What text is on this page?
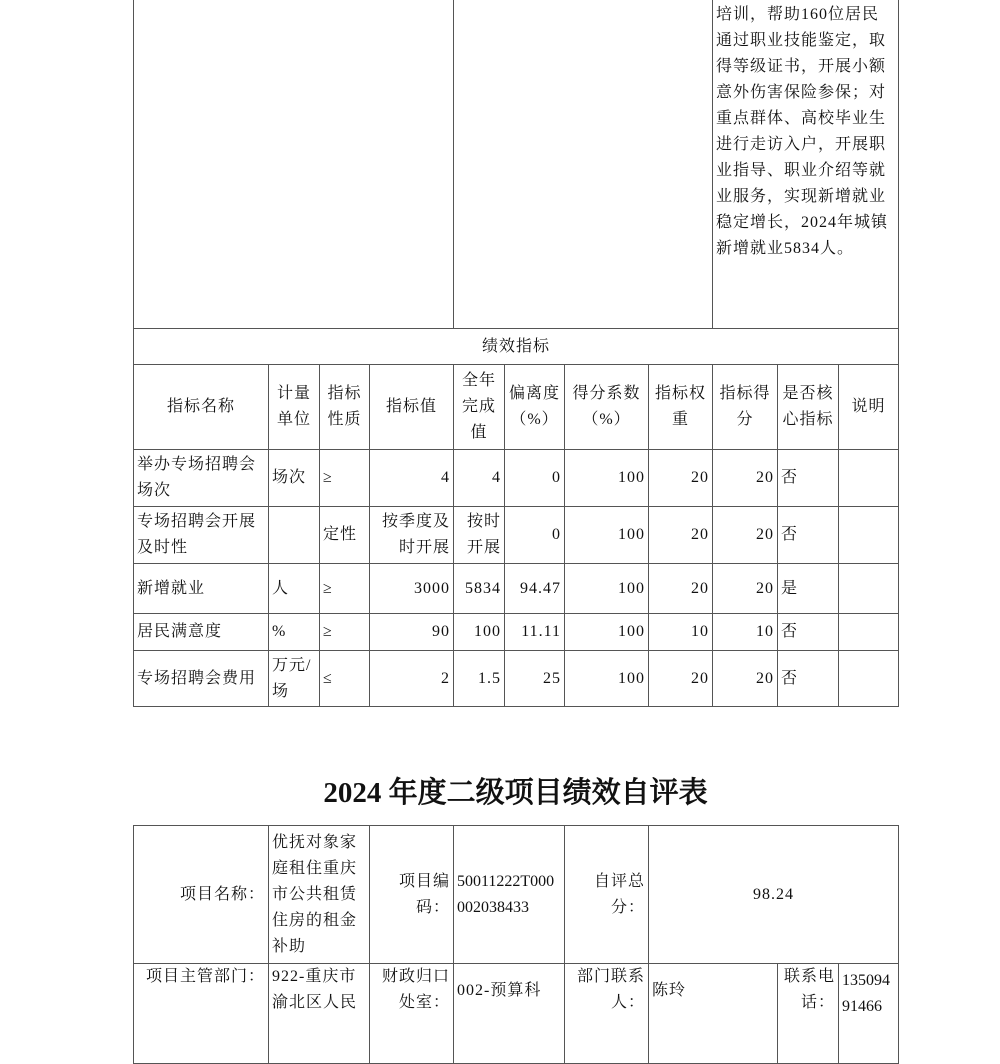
								培训，帮助160位居民通过职业技能鉴定，取得等级证书，开展小额意外伤害保险参保；对重点群体、高校毕业生进行走访入户，开展职业指导、职业介绍等就业服务，实现新增就业稳定增长，2024年城镇新增就业5834人。		
绩效指标										
指标名称	计量单位	指标性质	指标值	全年完成值	偏离度（%）	得分系数（%）	指标权重	指标得分	是否核心指标	说明
举办专场招聘会场次	场次	≥	4	4	0	100	20	20	否	
专场招聘会开展及时性		定性	按季度及时开展	按时开展	0	100	20	20	否	
新增就业	人	≥	3000	5834	94.47	100	20	20	是	
居民满意度	%	≥	90	100	11.11	100	10	10	否	
专场招聘会费用	万元/场	≤	2	1.5	25	100	20	20	否	
2024 年度二级项目绩效自评表
项目名称：	优抚对象家庭租住重庆市公共租赁住房的租金补助	项目编码：	50011222T000002038433	自评总分：	98.24		
项目主管部门：	922-重庆市渝北区人民	财政归口处室：	002-预算科	部门联系人：	陈玲	联系电话：	13509491466
